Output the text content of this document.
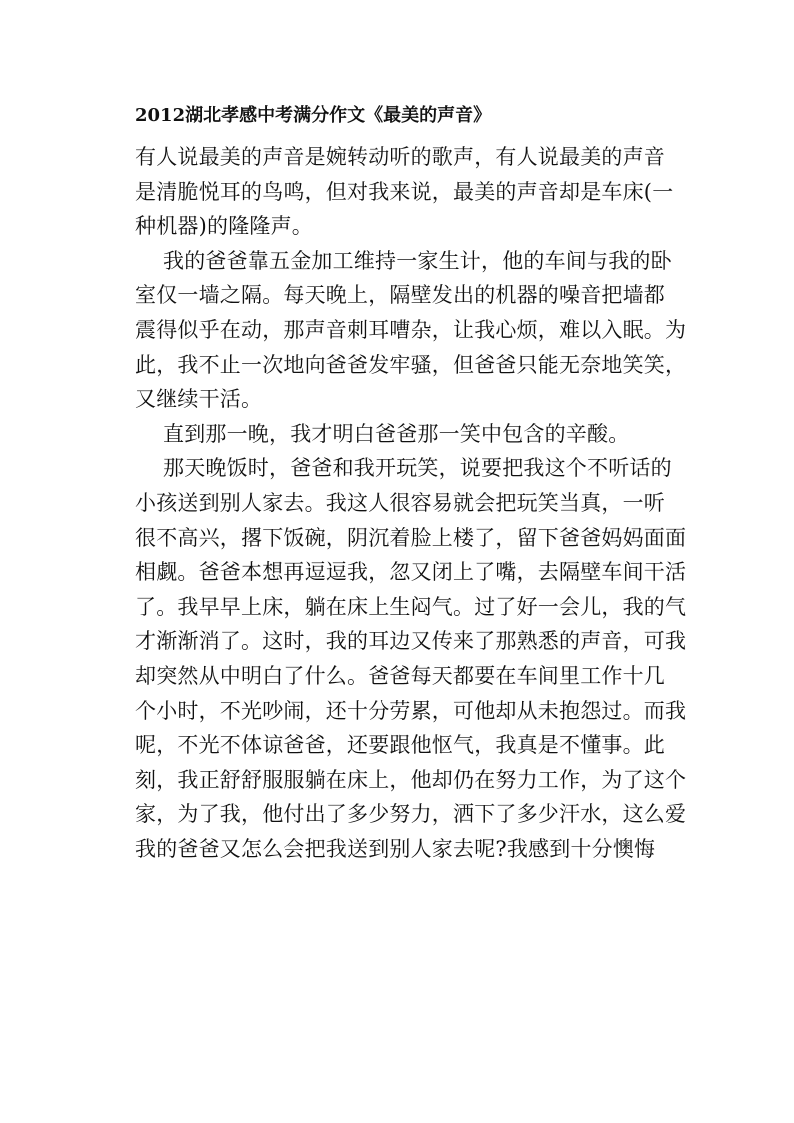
2012湖北孝感中考满分作文《最美的声音》
有人说最美的声音是婉转动听的歌声，有人说最美的声音
是清脆悦耳的鸟鸣，但对我来说，最美的声音却是车床(一
种机器)的隆隆声。
我的爸爸靠五金加工维持一家生计，他的车间与我的卧
室仅一墙之隔。每天晚上，隔壁发出的机器的噪音把墙都
震得似乎在动，那声音刺耳嘈杂，让我心烦，难以入眠。为
此，我不止一次地向爸爸发牢骚，但爸爸只能无奈地笑笑，
又继续干活。
直到那一晚，我才明白爸爸那一笑中包含的辛酸。
那天晚饭时，爸爸和我开玩笑，说要把我这个不听话的
小孩送到别人家去。我这人很容易就会把玩笑当真，一听
很不高兴，撂下饭碗，阴沉着脸上楼了，留下爸爸妈妈面面
相觑。爸爸本想再逗逗我，忽又闭上了嘴，去隔壁车间干活
了。我早早上床，躺在床上生闷气。过了好一会儿，我的气
才渐渐消了。这时，我的耳边又传来了那熟悉的声音，可我
却突然从中明白了什么。爸爸每天都要在车间里工作十几
个小时，不光吵闹，还十分劳累，可他却从未抱怨过。而我
呢，不光不体谅爸爸，还要跟他怄气，我真是不懂事。此
刻，我正舒舒服服躺在床上，他却仍在努力工作，为了这个
家，为了我，他付出了多少努力，洒下了多少汗水，这么爱
我的爸爸又怎么会把我送到别人家去呢?我感到十分懊悔
